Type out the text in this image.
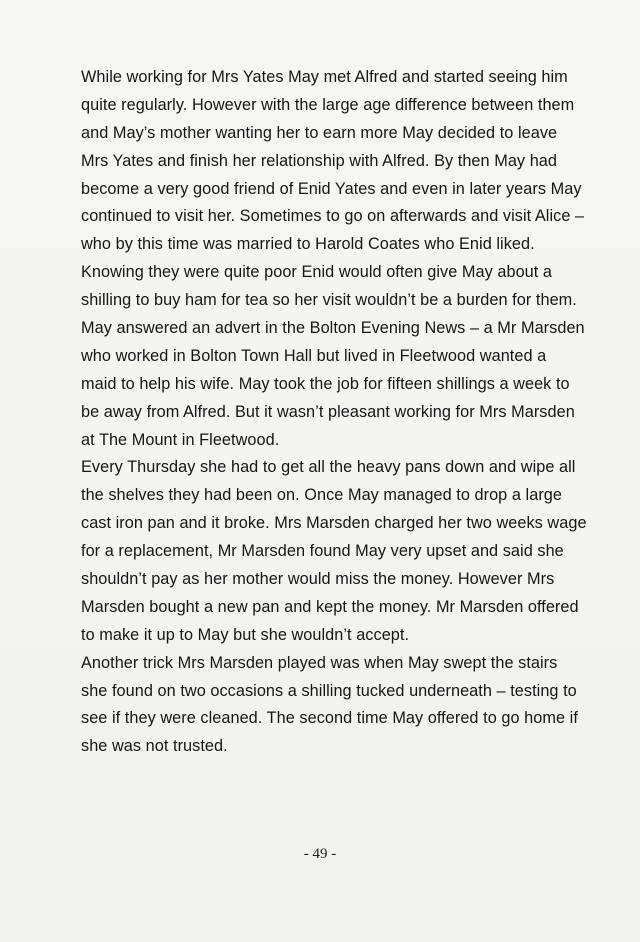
While working for Mrs Yates May met Alfred and started seeing him
quite regularly. However with the large age difference between them
and May’s mother wanting her to earn more May decided to leave
Mrs Yates and finish her relationship with Alfred. By then May had
become a very good friend of Enid Yates and even in later years May
continued to visit her. Sometimes to go on afterwards and visit Alice –
who by this time was married to Harold Coates who Enid liked.
Knowing they were quite poor Enid would often give May about a
shilling to buy ham for tea so her visit wouldn’t be a burden for them.
May answered an advert in the Bolton Evening News – a Mr Marsden
who worked in Bolton Town Hall but lived in Fleetwood wanted a
maid to help his wife. May took the job for fifteen shillings a week to
be away from Alfred. But it wasn’t pleasant working for Mrs Marsden
at The Mount in Fleetwood.
Every Thursday she had to get all the heavy pans down and wipe all
the shelves they had been on. Once May managed to drop a large
cast iron pan and it broke. Mrs Marsden charged her two weeks wage
for a replacement, Mr Marsden found May very upset and said she
shouldn’t pay as her mother would miss the money. However Mrs
Marsden bought a new pan and kept the money. Mr Marsden offered
to make it up to May but she wouldn’t accept.
Another trick Mrs Marsden played was when May swept the stairs
she found on two occasions a shilling tucked underneath – testing to
see if they were cleaned. The second time May offered to go home if
she was not trusted.
- 49 -
